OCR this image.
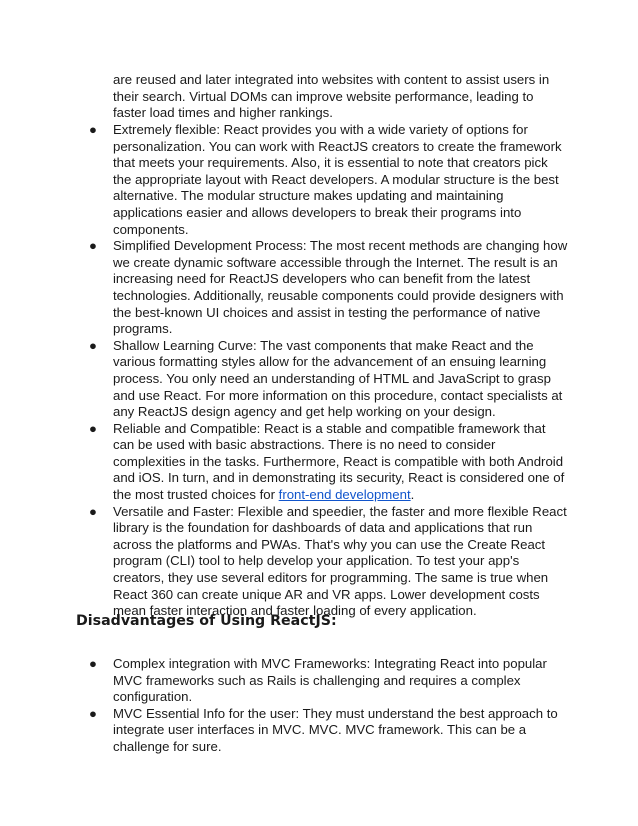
are reused and later integrated into websites with content to assist users in their search. Virtual DOMs can improve website performance, leading to faster load times and higher rankings.

● Extremely flexible: React provides you with a wide variety of options for personalization. You can work with ReactJS creators to create the framework that meets your requirements. Also, it is essential to note that creators pick the appropriate layout with React developers. A modular structure is the best alternative. The modular structure makes updating and maintaining applications easier and allows developers to break their programs into components.
● Simplified Development Process: The most recent methods are changing how we create dynamic software accessible through the Internet. The result is an increasing need for ReactJS developers who can benefit from the latest technologies. Additionally, reusable components could provide designers with the best-known UI choices and assist in testing the performance of native programs.
● Shallow Learning Curve: The vast components that make React and the various formatting styles allow for the advancement of an ensuing learning process. You only need an understanding of HTML and JavaScript to grasp and use React. For more information on this procedure, contact specialists at any ReactJS design agency and get help working on your design.
● Reliable and Compatible: React is a stable and compatible framework that can be used with basic abstractions. There is no need to consider complexities in the tasks. Furthermore, React is compatible with both Android and iOS. In turn, and in demonstrating its security, React is considered one of the most trusted choices for front-end development.
● Versatile and Faster: Flexible and speedier, the faster and more flexible React library is the foundation for dashboards of data and applications that run across the platforms and PWAs. That's why you can use the Create React program (CLI) tool to help develop your application. To test your app's creators, they use several editors for programming. The same is true when React 360 can create unique AR and VR apps. Lower development costs mean faster interaction and faster loading of every application.
Disadvantages of Using ReactJS:
● Complex integration with MVC Frameworks: Integrating React into popular MVC frameworks such as Rails is challenging and requires a complex configuration.
● MVC Essential Info for the user: They must understand the best approach to integrate user interfaces in MVC. MVC. MVC framework. This can be a challenge for sure.
